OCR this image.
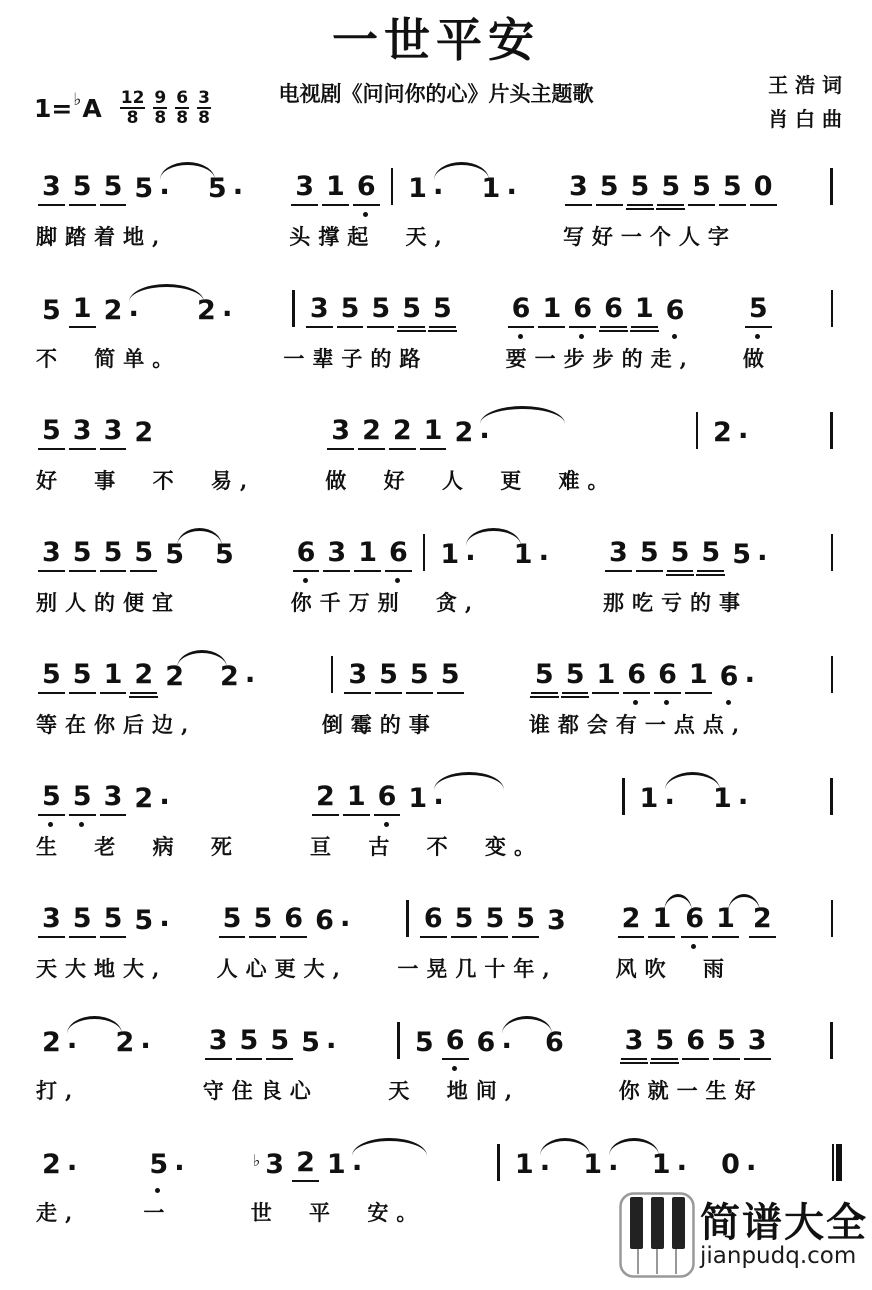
一世平安
1= ♭ A $\frac{12}{8} \frac{9}{8} \frac{6}{8} \frac{3}{8}$	电视剧《问问你的心》片头主题歌	王 浩 词
肖 白 曲
3 5 5 5 · 5 ·
脚踏着地,
3 1 6 1 · 1 ·
头撑起 天,
3 5 5 5 5 5 0
写好一个人字
5 1 2 · 2 ·
不 简单。
3 5 5 5 5
一辈子的路
6 1 6 6 1 6
要一步步的走,
5
做
5 3 3 2
好 事 不 易,
3 2 2 1 2 ·
做 好 人 更 难。
2 ·
3 5 5 5 5 5
别人的便宜
6 3 1 6 1 · 1 ·
你千万别 贪,
3 5 5 5 5 ·
那吃亏的事
5 5 1 2 2 2 ·
等在你后边,
3 5 5 5
倒霉的事
5 5 1 6 6 1 6 ·
谁都会有一点点,
5 5 3 2 ·
生 老 病 死
2 1 6 1 ·
亘 古 不 变。
1 · 1 ·
3 5 5 5 ·
天大地大,
5 5 6 6 ·
人心更大,
6 5 5 5 3
一晃几十年,
2 1 6 1 2
风吹 雨
2 · 2 ·
打,
3 5 5 5 ·
守住良心
5 6 6 · 6
天 地间,
3 5 6 5 3
你就一生好
2 ·
走,
5 ·
一
♭ 3 2 1 ·
世 平 安。
1 · 1 · 1 · 0 ·
简谱大全
jianpudq.com
